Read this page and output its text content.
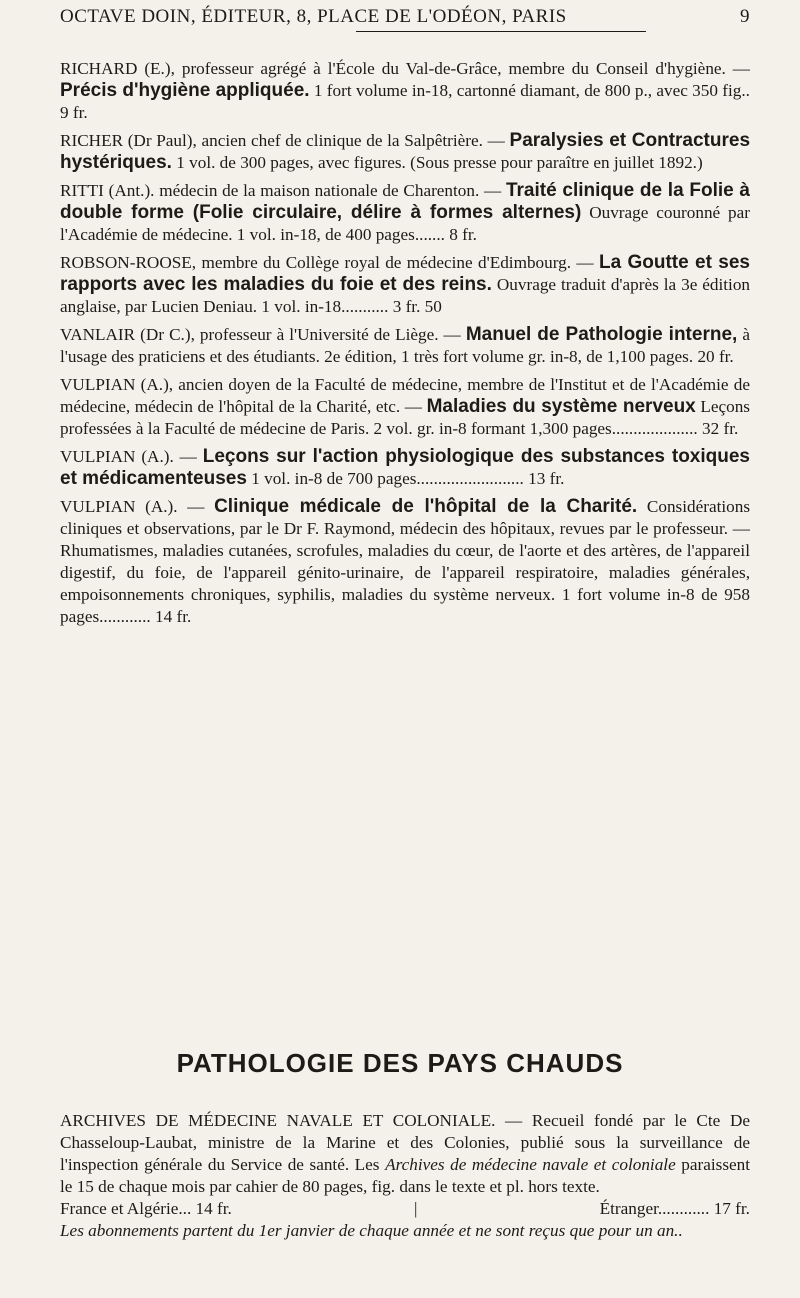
OCTAVE DOIN, ÉDITEUR, 8, PLACE DE L'ODÉON, PARIS	9
RICHARD (E.), professeur agrégé à l'École du Val-de-Grâce, membre du Conseil d'hygiène. — Précis d'hygiène appliquée. 1 fort volume in-18, cartonné diamant, de 800 p., avec 350 fig.. 9 fr.
RICHER (Dr Paul), ancien chef de clinique de la Salpêtrière. — Paralysies et Contractures hystériques. 1 vol. de 300 pages, avec figures. (Sous presse pour paraître en juillet 1892.)
RITTI (Ant.). médecin de la maison nationale de Charenton. — Traité clinique de la Folie à double forme (Folie circulaire, délire à formes alternes) Ouvrage couronné par l'Académie de médecine. 1 vol. in-18, de 400 pages....... 8 fr.
ROBSON-ROOSE, membre du Collège royal de médecine d'Edimbourg. — La Goutte et ses rapports avec les maladies du foie et des reins. Ouvrage traduit d'après la 3e édition anglaise, par Lucien Deniau. 1 vol. in-18........... 3 fr. 50
VANLAIR (Dr C.), professeur à l'Université de Liège. — Manuel de Pathologie interne, à l'usage des praticiens et des étudiants. 2e édition, 1 très fort volume gr. in-8, de 1,100 pages. 20 fr.
VULPIAN (A.), ancien doyen de la Faculté de médecine, membre de l'Institut et de l'Académie de médecine, médecin de l'hôpital de la Charité, etc. — Maladies du système nerveux Leçons professées à la Faculté de médecine de Paris. 2 vol. gr. in-8 formant 1,300 pages.................... 32 fr.
VULPIAN (A.). — Leçons sur l'action physiologique des substances toxiques et médicamenteuses 1 vol. in-8 de 700 pages......................... 13 fr.
VULPIAN (A.). — Clinique médicale de l'hôpital de la Charité. Considérations cliniques et observations, par le Dr F. Raymond, médecin des hôpitaux, revues par le professeur. — Rhumatismes, maladies cutanées, scrofules, maladies du cœur, de l'aorte et des artères, de l'appareil digestif, du foie, de l'appareil génito-urinaire, de l'appareil respiratoire, maladies générales, empoisonnements chroniques, syphilis, maladies du système nerveux. 1 fort volume in-8 de 958 pages............ 14 fr.
PATHOLOGIE DES PAYS CHAUDS
ARCHIVES DE MÉDECINE NAVALE ET COLONIALE. — Recueil fondé par le Cte De Chasseloup-Laubat, ministre de la Marine et des Colonies, publié sous la surveillance de l'inspection générale du Service de santé. Les Archives de médecine navale et coloniale paraissent le 15 de chaque mois par cahier de 80 pages, fig. dans le texte et pl. hors texte.
France et Algérie... 14 fr.	|	Étranger............ 17 fr.
Les abonnements partent du 1er janvier de chaque année et ne sont reçus que pour un an..
